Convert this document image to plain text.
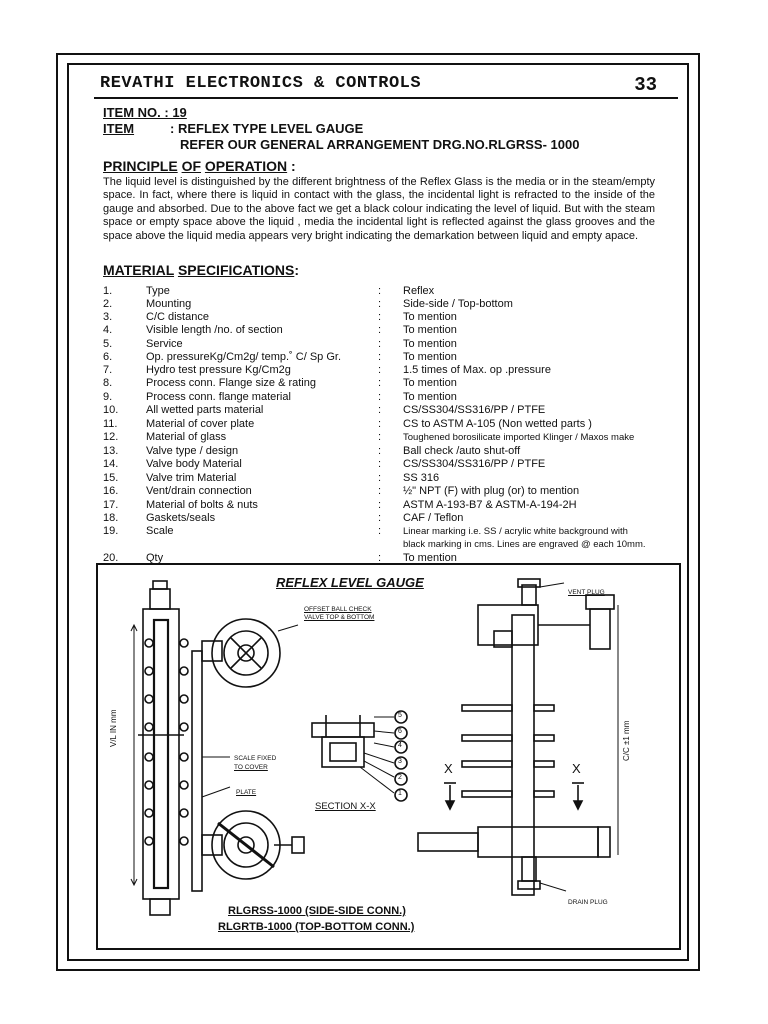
REVATHI ELECTRONICS & CONTROLS	33
ITEM NO. : 19
ITEM	: REFLEX TYPE LEVEL GAUGE
REFER OUR GENERAL ARRANGEMENT DRG.NO.RLGRSS- 1000
PRINCIPLE OF OPERATION :
The liquid level is distinguished by the different brightness of the Reflex Glass is the media or in the steam/empty space. In fact, where there is liquid in contact with the glass, the incidental light is refracted to the inside of the gauge and absorbed. Due to the above fact we get a black colour indicating the level of liquid. But with the steam space or empty space above the liquid , media the incidental light is reflected against the glass grooves and the space above the liquid media appears very bright indicating the demarkation between liquid and empty apace.
MATERIAL SPECIFICATIONS:
1.	Type	: Reflex
2.	Mounting	: Side-side / Top-bottom
3.	C/C distance	: To mention
4.	Visible length /no. of section	: To mention
5.	Service	: To mention
6.	Op. pressureKg/Cm2g/ temp.˚ C/ Sp Gr.	: To mention
7.	Hydro test pressure Kg/Cm2g	: 1.5 times of Max. op .pressure
8.	Process conn. Flange size & rating	: To mention
9.	Process conn. flange material	: To mention
10.	All wetted parts material	: CS/SS304/SS316/PP / PTFE
11.	Material of cover plate	: CS to ASTM A-105 (Non wetted parts )
12.	Material of glass	: Toughened borosilicate imported Klinger / Maxos make
13.	Valve type / design	: Ball check /auto shut-off
14.	Valve body Material	: CS/SS304/SS316/PP / PTFE
15.	Valve trim Material	: SS 316
16.	Vent/drain connection	: ½" NPT (F) with plug (or) to mention
17.	Material of bolts & nuts	: ASTM A-193-B7 & ASTM-A-194-2H
18.	Gaskets/seals	: CAF / Teflon
19.	Scale	: Linear marking i.e. SS / acrylic white background with
black marking in cms. Lines are engraved @ each 10mm.
20.	Qty	: To mention
REFLEX LEVEL GAUGE
OFFSET BALL CHECK
VALVE TOP & BOTTOM
VENT PLUG
DRAIN PLUG
SCALE FIXED
TO COVER
PLATE
SECTION X-X
V/L IN mm	C/C ±1 mm
X	X
5
6
4
3
2
1
RLGRSS-1000 (SIDE-SIDE CONN.)
RLGRTB-1000 (TOP-BOTTOM CONN.)
